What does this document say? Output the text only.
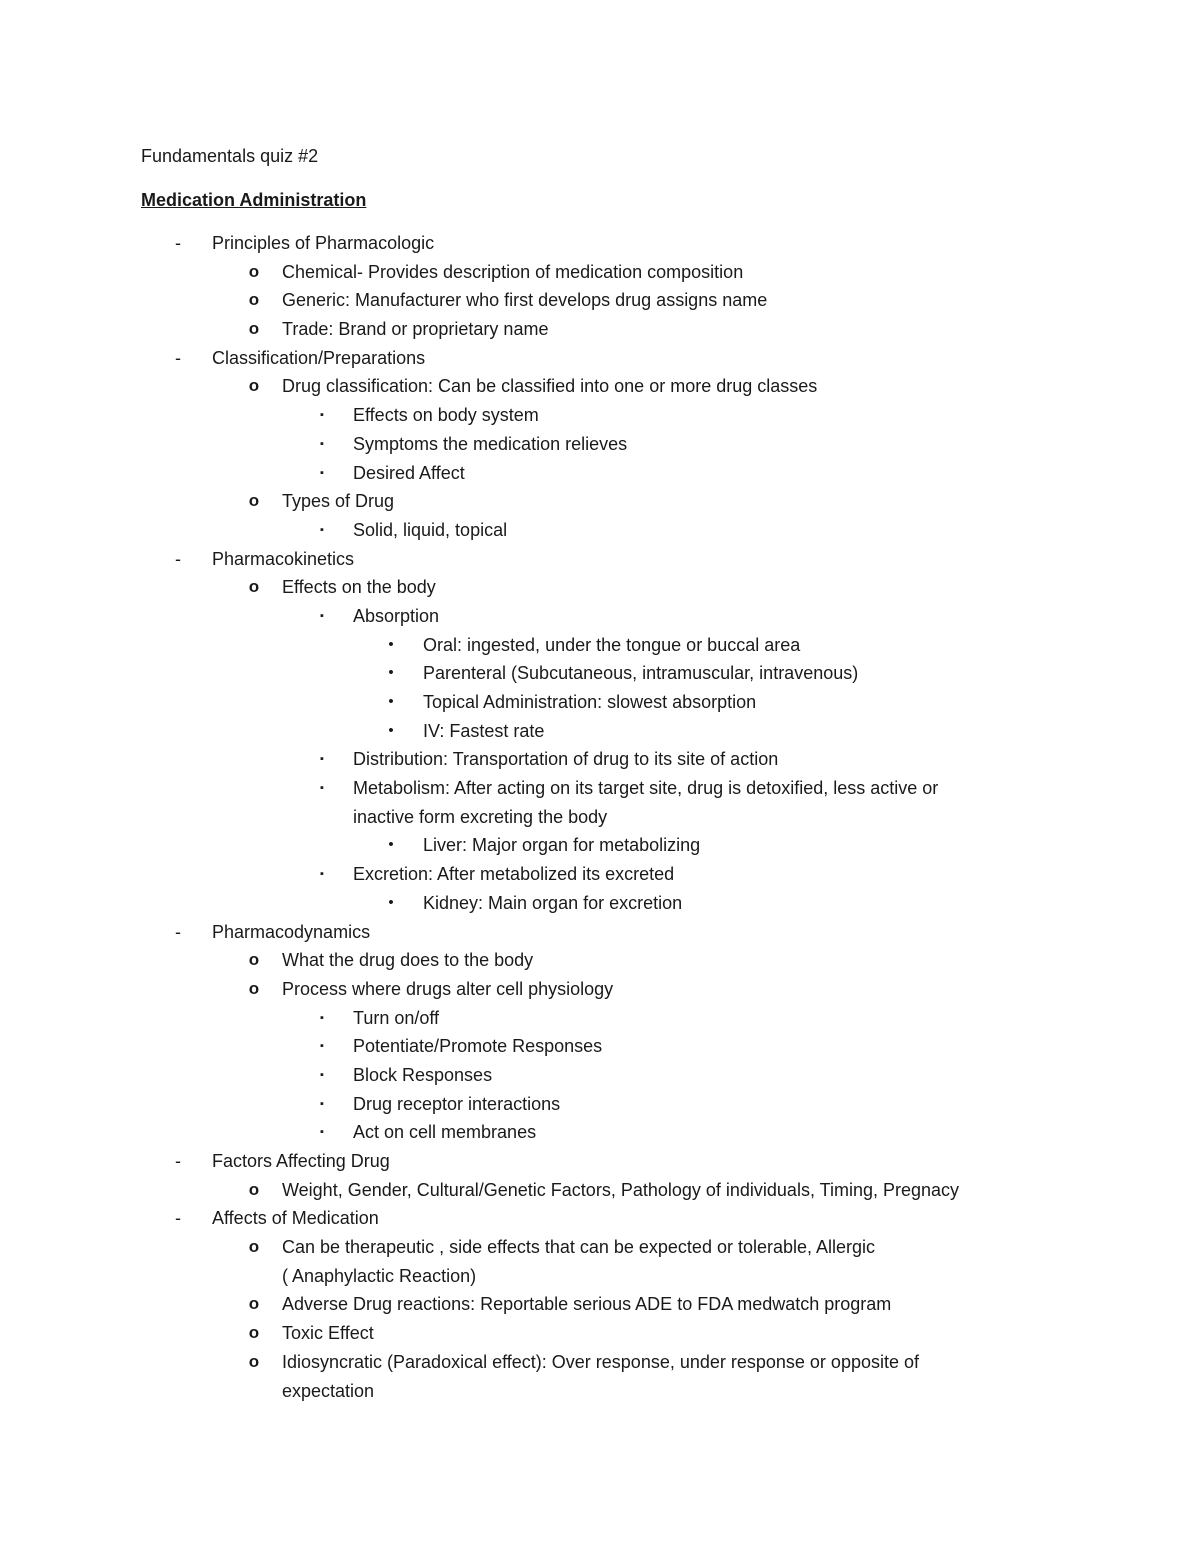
Fundamentals quiz #2
Medication Administration
-	Principles of Pharmacologic
o Chemical- Provides description of medication composition
o Generic: Manufacturer who first develops drug assigns name
o Trade: Brand or proprietary name
-	Classification/Preparations
o Drug classification: Can be classified into one or more drug classes
▪	Effects on body system
▪	Symptoms the medication relieves
▪	Desired Affect
o Types of Drug
▪	Solid, liquid, topical
-	Pharmacokinetics
o Effects on the body
▪	Absorption
•	Oral: ingested, under the tongue or buccal area
•	Parenteral (Subcutaneous, intramuscular, intravenous)
•	Topical Administration: slowest absorption
•	IV: Fastest rate
▪	Distribution: Transportation of drug to its site of action
▪	Metabolism: After acting on its target site, drug is detoxified, less active or
inactive form excreting the body
•	Liver: Major organ for metabolizing
▪	Excretion: After metabolized its excreted
•	Kidney: Main organ for excretion
-	Pharmacodynamics
o What the drug does to the body
o Process where drugs alter cell physiology
▪	Turn on/off
▪	Potentiate/Promote Responses
▪	Block Responses
▪	Drug receptor interactions
▪	Act on cell membranes
-	Factors Affecting Drug
o Weight, Gender, Cultural/Genetic Factors, Pathology of individuals, Timing, Pregnacy
-	Affects of Medication
o Can be therapeutic , side effects that can be expected or tolerable, Allergic
( Anaphylactic Reaction)
o Adverse Drug reactions: Reportable serious ADE to FDA medwatch program
o Toxic Effect
o Idiosyncratic (Paradoxical effect): Over response, under response or opposite of
expectation
